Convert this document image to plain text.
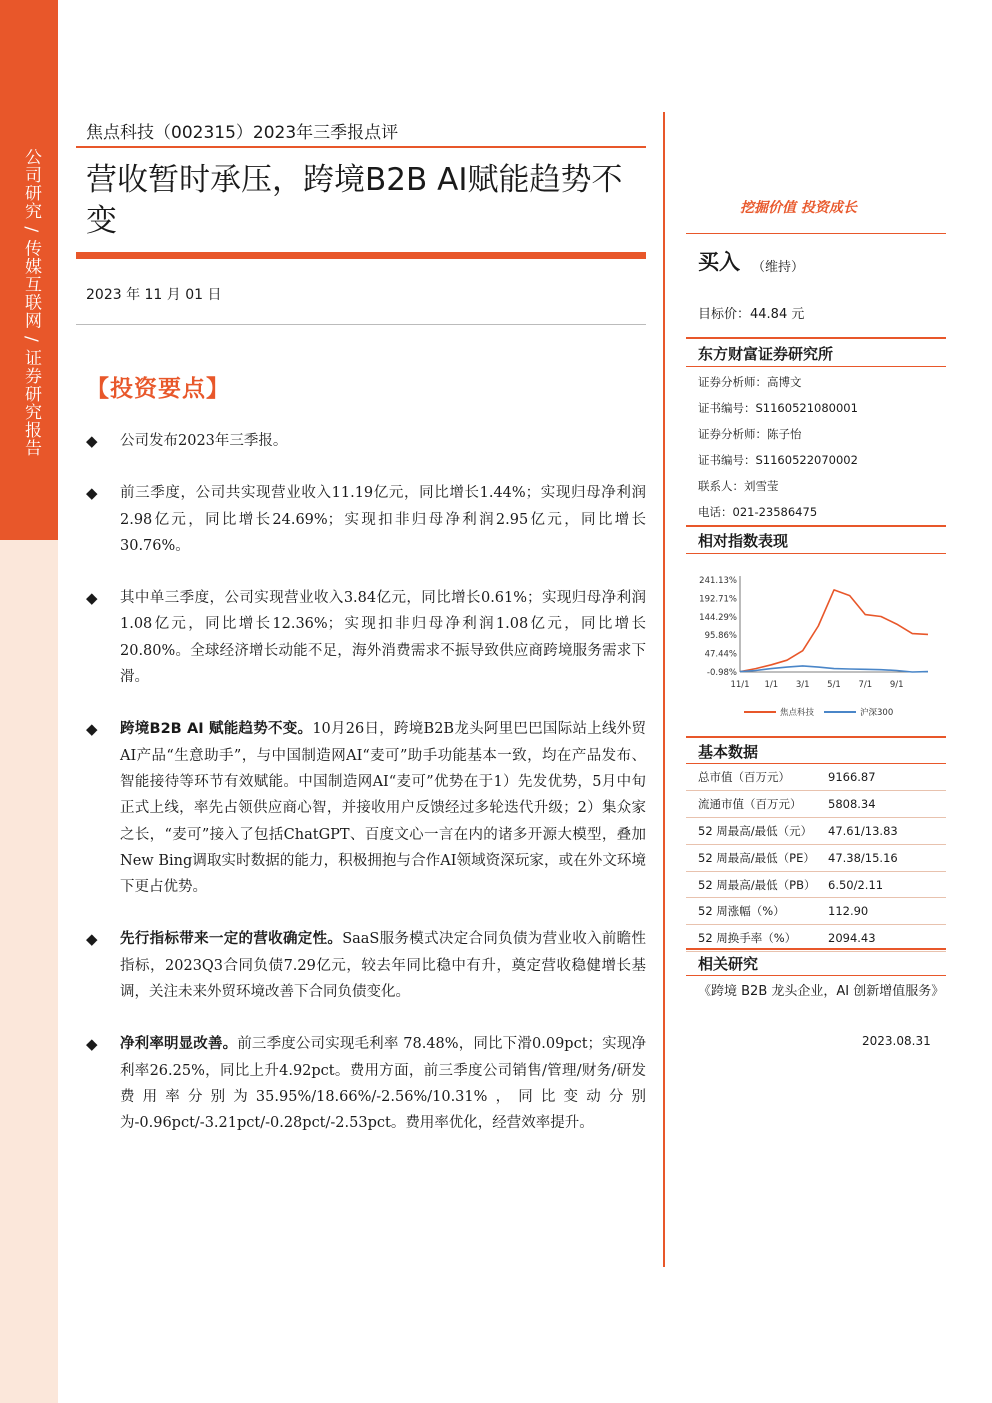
公司研究 / 传媒互联网 / 证券研究报告
焦点科技（002315）2023年三季报点评
营收暂时承压，跨境B2B AI赋能趋势不变
2023 年 11 月 01 日
【投资要点】
◆	公司发布2023年三季报。
◆	前三季度，公司共实现营业收入11.19亿元，同比增长1.44%；实现归母净利润2.98亿元，同比增长24.69%；实现扣非归母净利润2.95亿元，同比增长30.76%。
◆	其中单三季度，公司实现营业收入3.84亿元，同比增长0.61%；实现归母净利润1.08亿元，同比增长12.36%；实现扣非归母净利润1.08亿元，同比增长20.80%。全球经济增长动能不足，海外消费需求不振导致供应商跨境服务需求下滑。
◆	跨境B2B AI 赋能趋势不变。10月26日，跨境B2B龙头阿里巴巴国际站上线外贸AI产品“生意助手”，与中国制造网AI“麦可”助手功能基本一致，均在产品发布、智能接待等环节有效赋能。中国制造网AI“麦可”优势在于1）先发优势，5月中旬正式上线，率先占领供应商心智，并接收用户反馈经过多轮迭代升级；2）集众家之长，“麦可”接入了包括ChatGPT、百度文心一言在内的诸多开源大模型，叠加New Bing调取实时数据的能力，积极拥抱与合作AI领域资深玩家，或在外文环境下更占优势。
◆	先行指标带来一定的营收确定性。SaaS服务模式决定合同负债为营业收入前瞻性指标，2023Q3合同负债7.29亿元，较去年同比稳中有升，奠定营收稳健增长基调，关注未来外贸环境改善下合同负债变化。
◆	净利率明显改善。前三季度公司实现毛利率 78.48%，同比下滑0.09pct；实现净利率26.25%，同比上升4.92pct。费用方面，前三季度公司销售/管理/财务/研发费用率分别为35.95%/18.66%/-2.56%/10.31%，同比变动分别为-0.96pct/-3.21pct/-0.28pct/-2.53pct。费用率优化，经营效率提升。
挖掘价值 投资成长
买入 （维持）
目标价：44.84 元
东方财富证券研究所
证券分析师：高博文
证书编号：S1160521080001
证券分析师：陈子怡
证书编号：S1160522070002
联系人：刘雪莹
电话：021-23586475
相对指数表现
241.13%
192.71%
144.29%
95.86%
47.44%
-0.98%
11/1 1/1 3/1 5/1 7/1 9/1
焦点科技	沪深300
基本数据
总市值（百万元）	9166.87
流通市值（百万元）	5808.34
52 周最高/最低（元）	47.61/13.83
52 周最高/最低（PE）	47.38/15.16
52 周最高/最低（PB）	6.50/2.11
52 周涨幅（%）	112.90
52 周换手率（%）	2094.43
相关研究
《跨境 B2B 龙头企业，AI 创新增值服务》
2023.08.31
